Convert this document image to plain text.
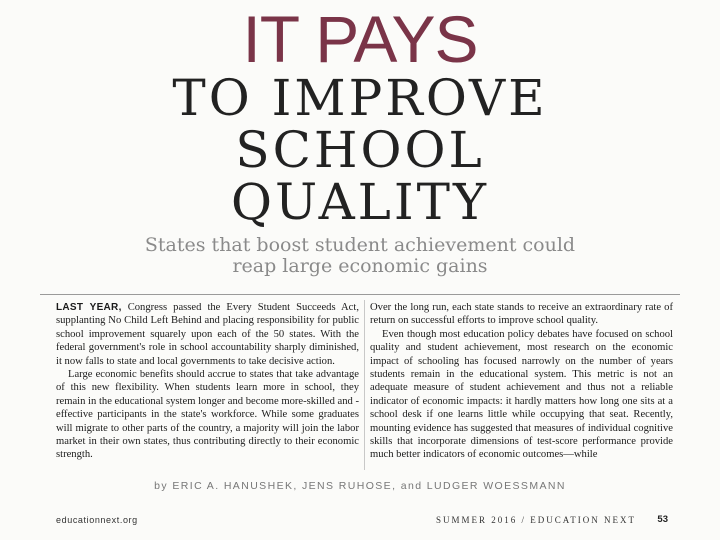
IT PAYS
TO IMPROVE
SCHOOL
QUALITY
States that boost student achievement could
reap large economic gains

LAST YEAR, Congress passed the Every Student Succeeds Act, supplanting No Child Left Behind and placing responsibility for public school improvement squarely upon each of the 50 states. With the federal government's role in school accountability sharply diminished, it now falls to state and local governments to take decisive action.

Large economic benefits should accrue to states that take advantage of this new flexibility. When students learn more in school, they remain in the educational system longer and become more-skilled and -effective participants in the state's workforce. While some graduates will migrate to other parts of the country, a majority will join the labor market in their own states, thus contributing directly to their economic strength.

Over the long run, each state stands to receive an extraordinary rate of return on successful efforts to improve school quality.

Even though most education policy debates have focused on school quality and student achievement, most research on the economic impact of schooling has focused narrowly on the number of years students remain in the educational system. This metric is not an adequate measure of student achievement and thus not a reliable indicator of economic impacts: it hardly matters how long one sits at a school desk if one learns little while occupying that seat. Recently, mounting evidence has suggested that measures of individual cognitive skills that incorporate dimensions of test-score performance provide much better indicators of economic outcomes—while

by ERIC A. HANUSHEK, JENS RUHOSE, and LUDGER WOESSMANN
educationnext.org	SUMMER 2016 / EDUCATION NEXT 53
